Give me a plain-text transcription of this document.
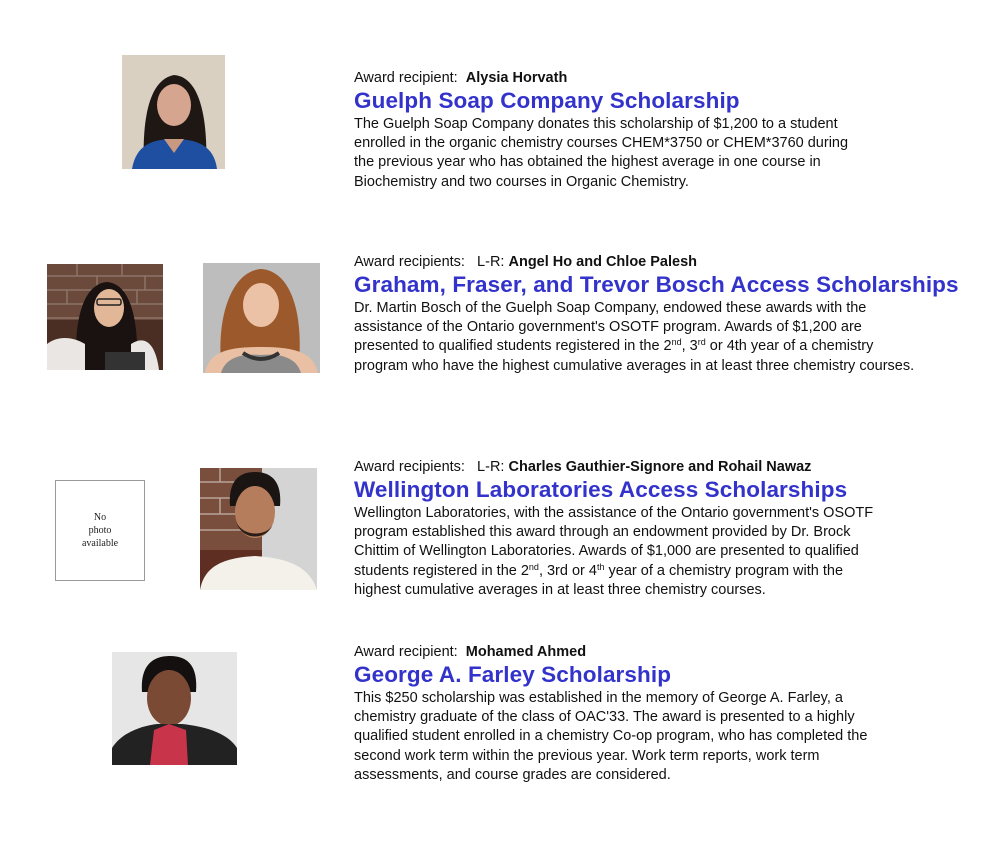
Award recipient: Alysia Horvath
Guelph Soap Company Scholarship

The Guelph Soap Company donates this scholarship of $1,200 to a student

enrolled in the organic chemistry courses CHEM*3750 or CHEM*3760 during

the previous year who has obtained the highest average in one course in

Biochemistry and two courses in Organic Chemistry.

Award recipients: L-R: Angel Ho and Chloe Palesh
Graham, Fraser, and Trevor Bosch Access Scholarships

Dr. Martin Bosch of the Guelph Soap Company, endowed these awards with the

assistance of the Ontario government's OSOTF program. Awards of $1,200 are

presented to qualified students registered in the 2nd, 3rd or 4th year of a chemistry

program who have the highest cumulative averages in at least three chemistry courses.

No
photo
available
Award recipients: L-R: Charles Gauthier-Signore and Rohail Nawaz
Wellington Laboratories Access Scholarships

Wellington Laboratories, with the assistance of the Ontario government's OSOTF

program established this award through an endowment provided by Dr. Brock

Chittim of Wellington Laboratories. Awards of $1,000 are presented to qualified

students registered in the 2nd, 3rd or 4th year of a chemistry program with the

highest cumulative averages in at least three chemistry courses.

Award recipient: Mohamed Ahmed
George A. Farley Scholarship

This $250 scholarship was established in the memory of George A. Farley, a

chemistry graduate of the class of OAC'33. The award is presented to a highly

qualified student enrolled in a chemistry Co-op program, who has completed the

second work term within the previous year. Work term reports, work term

assessments, and course grades are considered.
